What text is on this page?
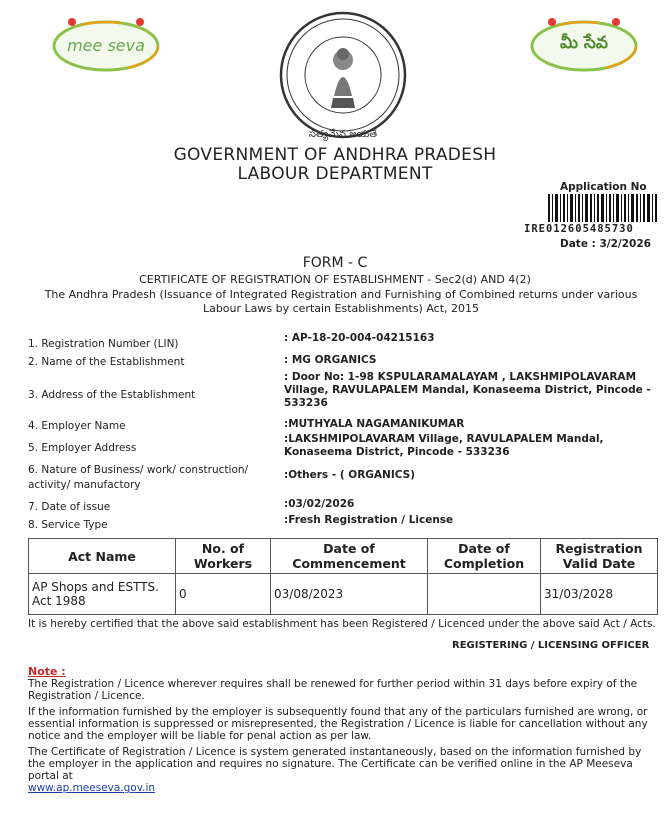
mee seva
సత్యమేవ జయతే
మీ సేవ
GOVERNMENT OF ANDHRA PRADESH
LABOUR DEPARTMENT
Application No
IRE012605485730
Date : 3/2/2026
FORM - C
CERTIFICATE OF REGISTRATION OF ESTABLISHMENT - Sec2(d) AND 4(2)
The Andhra Pradesh (Issuance of Integrated Registration and Furnishing of Combined returns under various
Labour Laws by certain Establishments) Act, 2015
1. Registration Number (LIN)	: AP-18-20-004-04215163
2. Name of the Establishment	: MG ORGANICS
3. Address of the Establishment
: Door No: 1-98 KSPULARAMALAYAM , LAKSHMIPOLAVARAM Village, RAVULAPALEM Mandal, Konaseema District, Pincode - 533236
4. Employer Name	:MUTHYALA NAGAMANIKUMAR
5. Employer Address
:LAKSHMIPOLAVARAM Village, RAVULAPALEM Mandal, Konaseema District, Pincode - 533236
6. Nature of Business/ work/ construction/ activity/ manufactory
:Others - ( ORGANICS)
7. Date of issue	:03/02/2026
8. Service Type	:Fresh Registration / License
Act Name	No. of Workers	Date of Commencement	Date of Completion	Registration Valid Date
AP Shops and ESTTS. Act 1988	0	03/08/2023		31/03/2028
It is hereby certified that the above said establishment has been Registered / Licenced under the above said Act / Acts.
REGISTERING / LICENSING OFFICER
Note :
The Registration / Licence wherever requires shall be renewed for further period within 31 days before expiry of the Registration / Licence.
If the information furnished by the employer is subsequently found that any of the particulars furnished are wrong, or essential information is suppressed or misrepresented, the Registration / Licence is liable for cancellation without any notice and the employer will be liable for penal action as per law.
The Certificate of Registration / Licence is system generated instantaneously, based on the information furnished by the employer in the application and requires no signature. The Certificate can be verified online in the AP Meeseva portal at
www.ap.meeseva.gov.in
